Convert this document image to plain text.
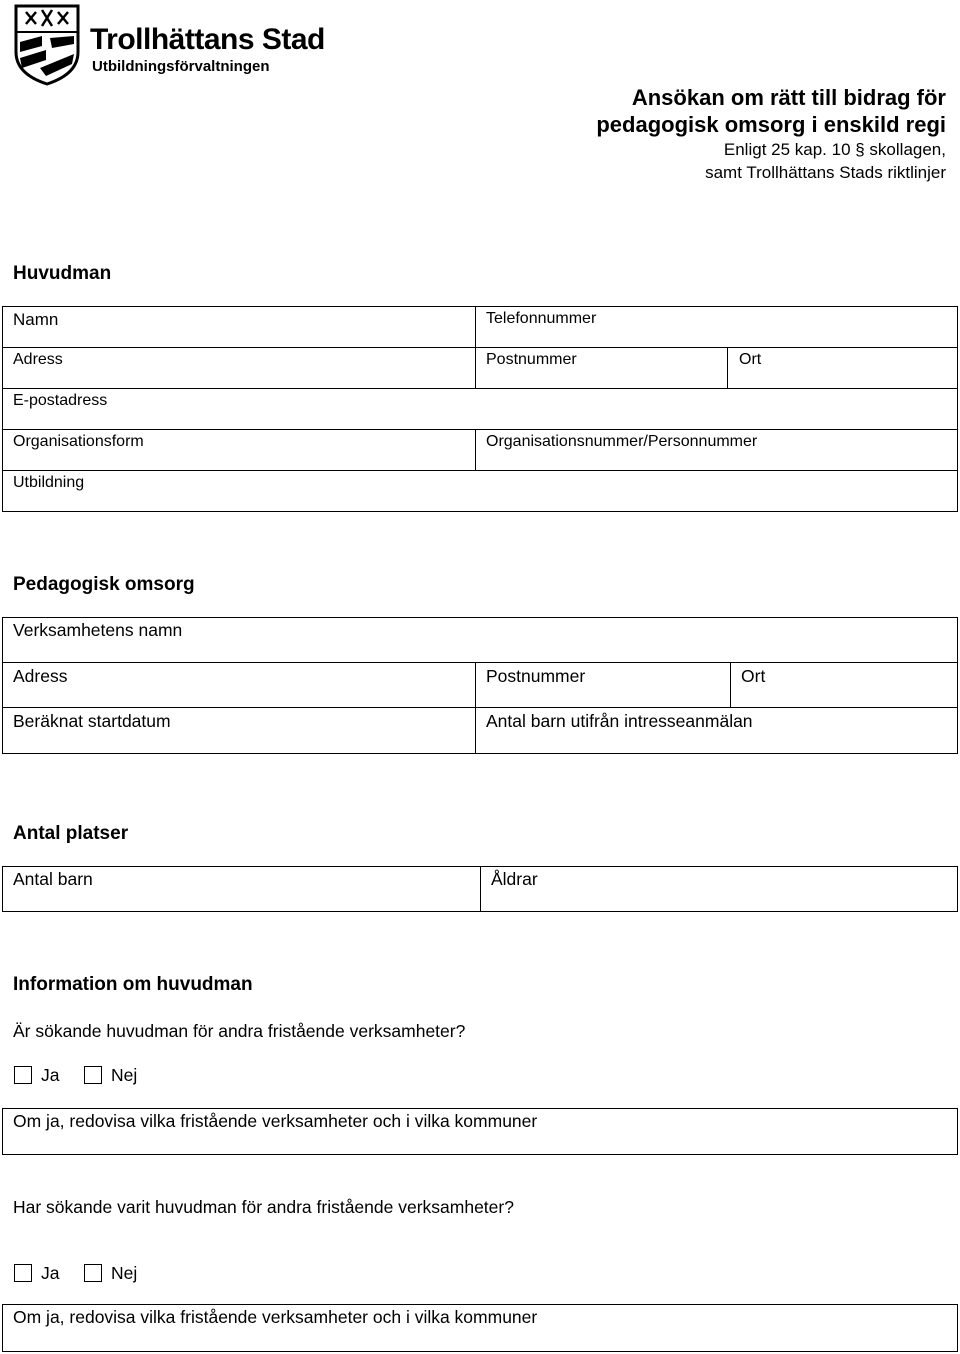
Trollhättans Stad
Utbildningsförvaltningen
Ansökan om rätt till bidrag för
pedagogisk omsorg i enskild regi
Enligt 25 kap. 10 § skollagen,
samt Trollhättans Stads riktlinjer
Huvudman
Namn	Telefonnummer
Adress	Postnummer	Ort
E-postadress
Organisationsform	Organisationsnummer/Personnummer
Utbildning
Pedagogisk omsorg
Verksamhetens namn
Adress	Postnummer	Ort
Beräknat startdatum	Antal barn utifrån intresseanmälan
Antal platser
Antal barn	Åldrar
Information om huvudman
Är sökande huvudman för andra fristående verksamheter?
Ja	Nej
Om ja, redovisa vilka fristående verksamheter och i vilka kommuner
Har sökande varit huvudman för andra fristående verksamheter?
Ja	Nej
Om ja, redovisa vilka fristående verksamheter och i vilka kommuner
